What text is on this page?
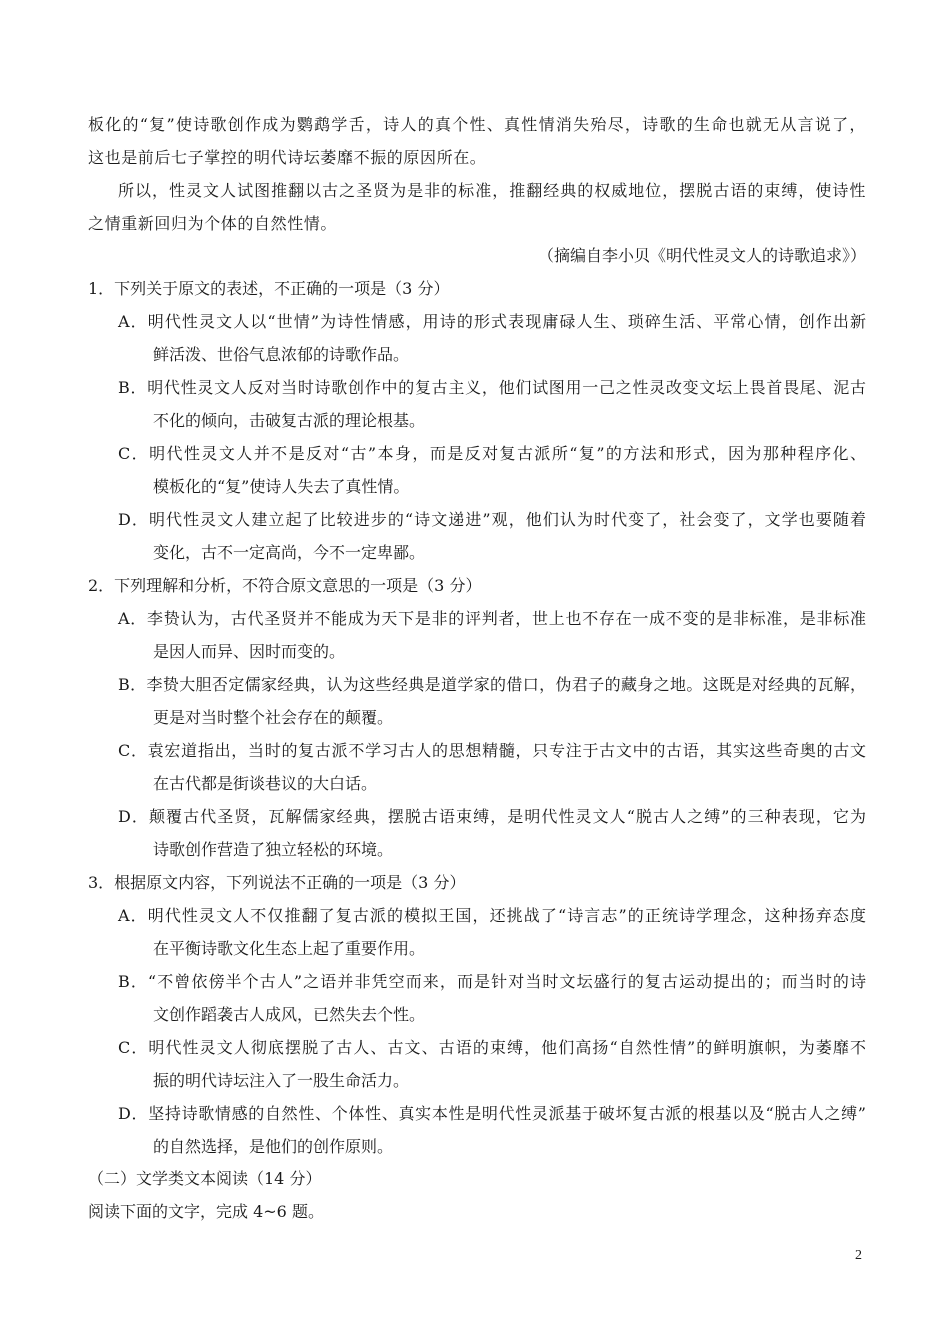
板化的“复”使诗歌创作成为鹦鹉学舌，诗人的真个性、真性情消失殆尽，诗歌的生命也就无从言说了，
这也是前后七子掌控的明代诗坛萎靡不振的原因所在。
所以，性灵文人试图推翻以古之圣贤为是非的标准，推翻经典的权威地位，摆脱古语的束缚，使诗性
之情重新回归为个体的自然性情。
（摘编自李小贝《明代性灵文人的诗歌追求》）
1．下列关于原文的表述，不正确的一项是（3 分）
A．明代性灵文人以“世情”为诗性情感，用诗的形式表现庸碌人生、琐碎生活、平常心情，创作出新
鲜活泼、世俗气息浓郁的诗歌作品。
B．明代性灵文人反对当时诗歌创作中的复古主义，他们试图用一己之性灵改变文坛上畏首畏尾、泥古
不化的倾向，击破复古派的理论根基。
C．明代性灵文人并不是反对“古”本身，而是反对复古派所“复”的方法和形式，因为那种程序化、
模板化的“复”使诗人失去了真性情。
D．明代性灵文人建立起了比较进步的“诗文递进”观，他们认为时代变了，社会变了，文学也要随着
变化，古不一定高尚，今不一定卑鄙。
2．下列理解和分析，不符合原文意思的一项是（3 分）
A．李贽认为，古代圣贤并不能成为天下是非的评判者，世上也不存在一成不变的是非标准，是非标准
是因人而异、因时而变的。
B．李贽大胆否定儒家经典，认为这些经典是道学家的借口，伪君子的藏身之地。这既是对经典的瓦解，
更是对当时整个社会存在的颠覆。
C．袁宏道指出，当时的复古派不学习古人的思想精髓，只专注于古文中的古语，其实这些奇奥的古文
在古代都是街谈巷议的大白话。
D．颠覆古代圣贤，瓦解儒家经典，摆脱古语束缚，是明代性灵文人“脱古人之缚”的三种表现，它为
诗歌创作营造了独立轻松的环境。
3．根据原文内容，下列说法不正确的一项是（3 分）
A．明代性灵文人不仅推翻了复古派的模拟王国，还挑战了“诗言志”的正统诗学理念，这种扬弃态度
在平衡诗歌文化生态上起了重要作用。
B．“不曾依傍半个古人”之语并非凭空而来，而是针对当时文坛盛行的复古运动提出的；而当时的诗
文创作蹈袭古人成风，已然失去个性。
C．明代性灵文人彻底摆脱了古人、古文、古语的束缚，他们高扬“自然性情”的鲜明旗帜，为萎靡不
振的明代诗坛注入了一股生命活力。
D．坚持诗歌情感的自然性、个体性、真实本性是明代性灵派基于破坏复古派的根基以及“脱古人之缚”
的自然选择，是他们的创作原则。
（二）文学类文本阅读（14 分）
阅读下面的文字，完成 4~6 题。
2
